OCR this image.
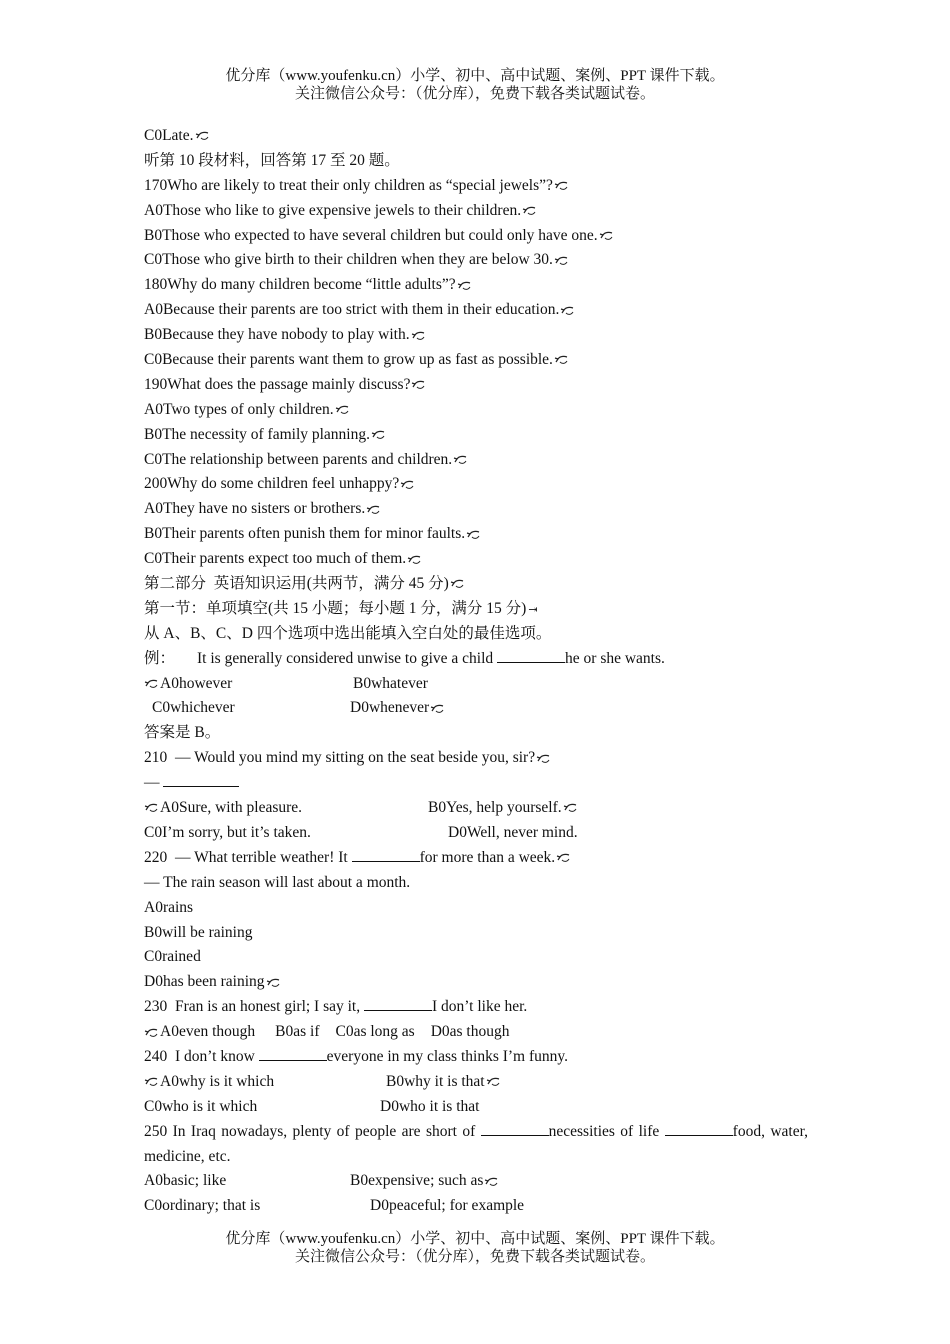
优分库（www.youfenku.cn）小学、初中、高中试题、案例、PPT 课件下载。
关注微信公众号：（优分库），免费下载各类试题试卷。
C0Late.
听第 10 段材料，回答第 17 至 20 题。
170Who are likely to treat their only children as “special jewels”?
A0Those who like to give expensive jewels to their children.
B0Those who expected to have several children but could only have one.
C0Those who give birth to their children when they are below 30.
180Why do many children become “little adults”?
A0Because their parents are too strict with them in their education.
B0Because they have nobody to play with.
C0Because their parents want them to grow up as fast as possible.
190What does the passage mainly discuss?
A0Two types of only children.
B0The necessity of family planning.
C0The relationship between parents and children.
200Why do some children feel unhappy?
A0They have no sisters or brothers.
B0Their parents often punish them for minor faults.
C0Their parents expect too much of them.
第二部分  英语知识运用(共两节，满分 45 分)
第一节：单项填空(共 15 小题；每小题 1 分，满分 15 分) ⇥
从 A、B、C、D 四个选项中选出能填入空白处的最佳选项。
例： It is generally considered unwise to give a child	he or she wants.
A0however	B0whatever
C0whichever	D0whenever
答案是 B。
210  — Would you mind my sitting on the seat beside you, sir?
—
A0Sure, with pleasure.	B0Yes, help yourself.
C0I’m sorry, but it’s taken.	D0Well, never mind.
220  — What terrible weather! It	for more than a week.
— The rain season will last about a month.
A0rains
B0will be raining
C0rained
D0has been raining
230  Fran is an honest girl; I say it,	I don’t like her.
A0even though B0as if C0as long as D0as though
240  I don’t know	everyone in my class thinks I’m funny.
A0why is it which	B0why it is that
C0who is it which	D0who it is that
250 In Iraq nowadays, plenty of people are short of	necessities of life	food, water, medicine, etc.
A0basic; like	B0expensive; such as
C0ordinary; that is	D0peaceful; for example
优分库（www.youfenku.cn）小学、初中、高中试题、案例、PPT 课件下载。
关注微信公众号：（优分库），免费下载各类试题试卷。
